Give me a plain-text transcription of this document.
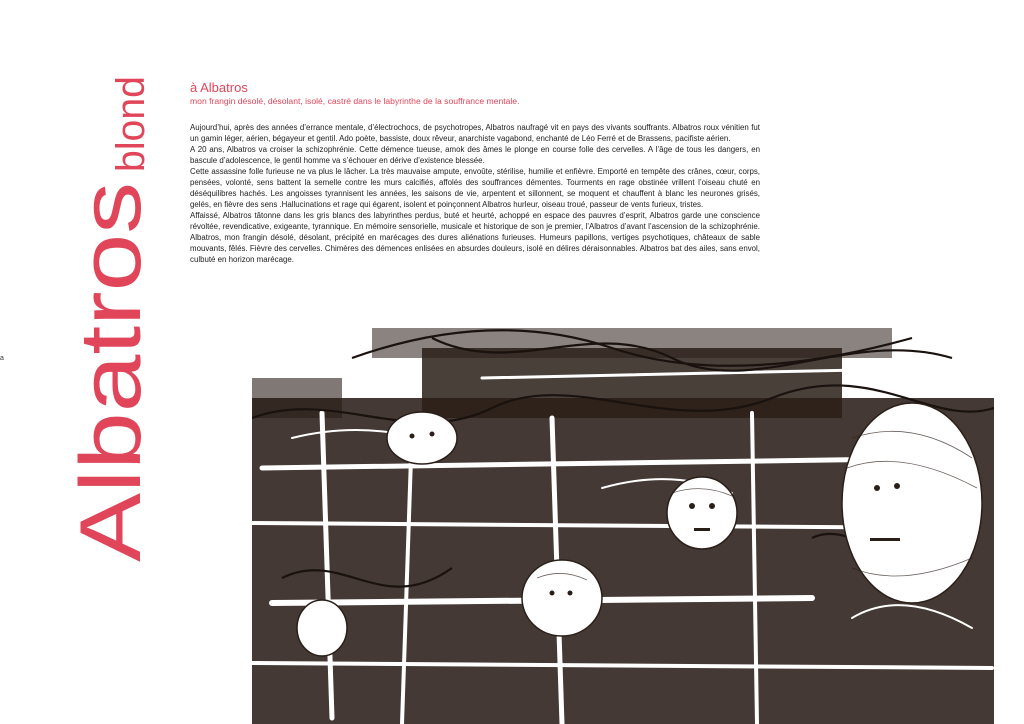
Albatros
blond
a
à Albatros
mon frangin désolé, désolant, isolé, castré dans le labyrinthe de la souffrance mentale.

Aujourd’hui, après des années d’errance mentale, d’électrochocs, de psychotropes, Albatros naufragé vit en pays des vivants souffrants. Albatros roux vénitien fut un gamin léger, aérien, bégayeur et gentil. Ado poète, bassiste, doux rêveur, anarchiste vagabond, enchanté de Léo Ferré et de Brassens, pacifiste aérien.

A 20 ans, Albatros va croiser la schizophrénie. Cette démence tueuse, amok des âmes le plonge en course folle des cervelles. A l’âge de tous les dangers, en bascule d’adolescence, le gentil homme va s’échouer en dérive d’existence blessée.

Cette assassine folle furieuse ne va plus le lâcher. La très mauvaise ampute, envoûte, stérilise, humilie et enfièvre. Emporté en tempête des crânes, cœur, corps, pensées, volonté, sens battent la semelle contre les murs calcifiés, affolés des souffrances démentes. Tourments en rage obstinée vrillent l’oiseau chuté en déséquilibres hachés. Les angoisses tyrannisent les années, les saisons de vie, arpentent et sillonnent, se moquent et chauffent à blanc les neurones grisés, gelés, en fièvre des sens .Hallucinations et rage qui égarent, isolent et poinçonnent Albatros hurleur, oiseau troué, passeur de vents furieux, tristes.

Affaissé, Albatros tâtonne dans les gris blancs des labyrinthes perdus, buté et heurté, achoppé en espace des pauvres d’esprit, Albatros garde une conscience révoltée, revendicative, exigeante, tyrannique. En mémoire sensorielle, musicale et historique de son je premier, l’Albatros d’avant l’ascension de la schizophrénie. Albatros, mon frangin désolé, désolant, précipité en marécages des dures aliénations furieuses. Humeurs papillons, vertiges psychotiques, châteaux de sable mouvants, fêlés. Fièvre des cervelles. Chimères des démences enlisées en absurdes douleurs, isolé en délires déraisonnables. Albatros bat des ailes, sans envol, culbuté en horizon marécage.
